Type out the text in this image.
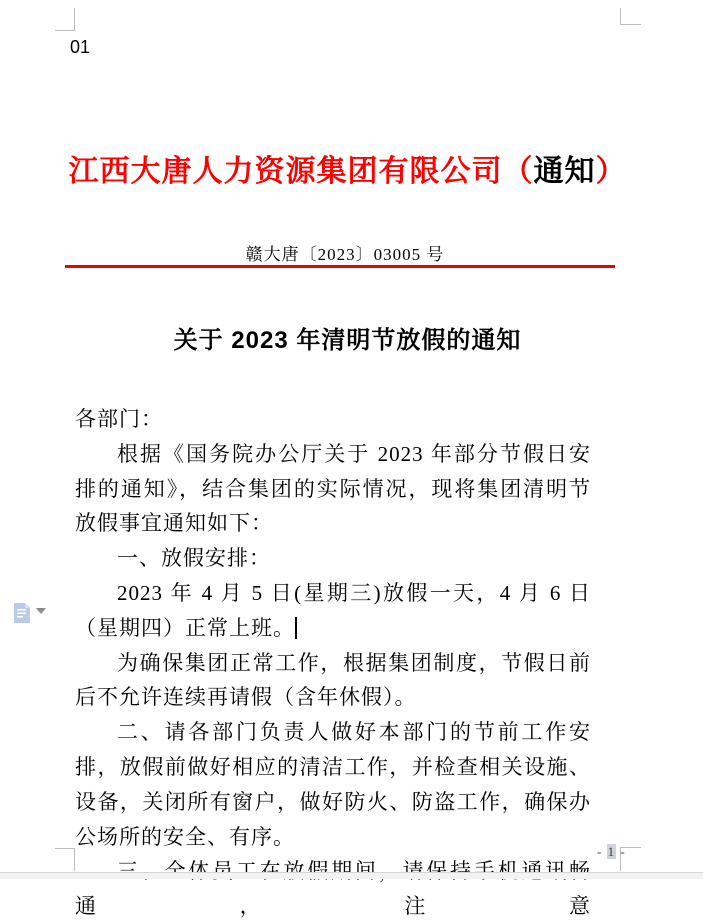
01
江西大唐人力资源集团有限公司（通知）
赣大唐〔2023〕03005 号
关于 2023 年清明节放假的通知

各部门：

根据《国务院办公厅关于 2023 年部分节假日安排的通知》，结合集团的实际情况，现将集团清明节放假事宜通知如下：

一、放假安排：

2023 年 4 月 5 日(星期三)放假一天，4 月 6 日（星期四）正常上班。

为确保集团正常工作，根据集团制度，节假日前后不允许连续再请假（含年休假）。

二、请各部门负责人做好本部门的节前工作安排，放假前做好相应的清洁工作，并检查相关设施、设备，关闭所有窗户，做好防火、防盗工作，确保办公场所的安全、有序。

通，注意

- 1 -
